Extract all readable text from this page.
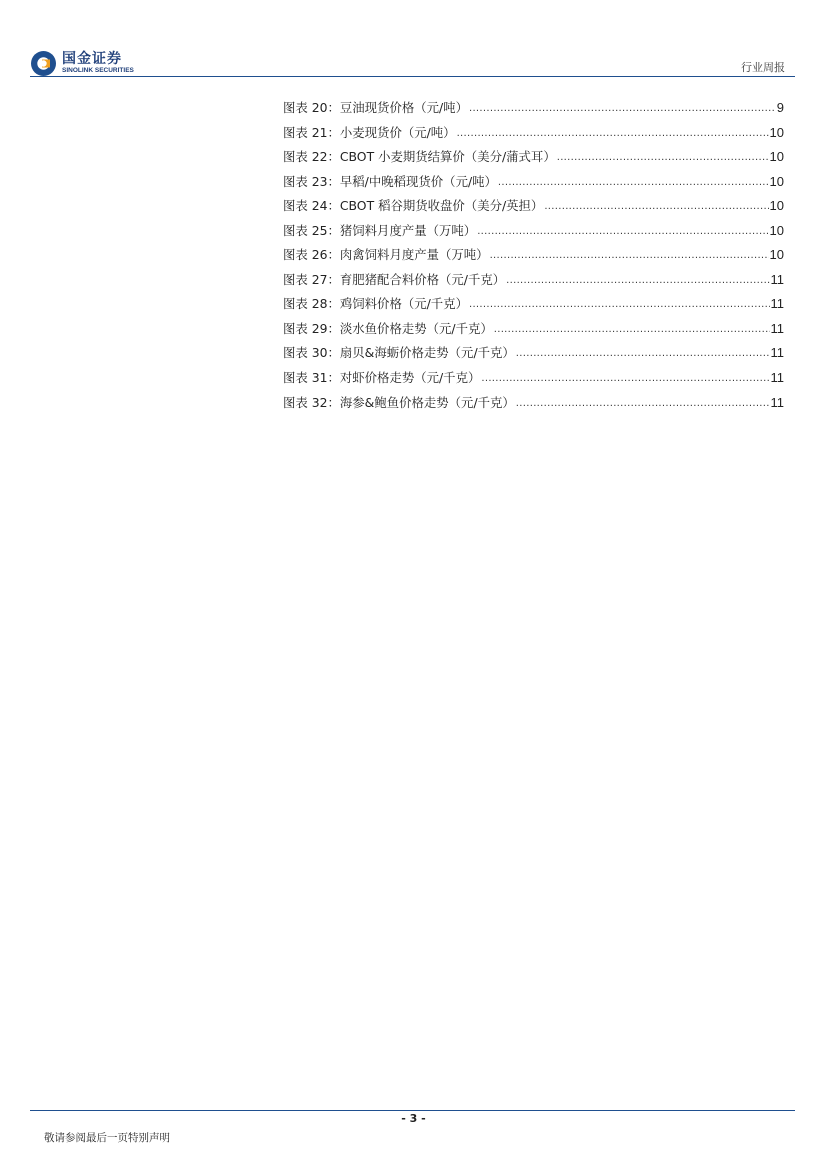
国金证券
SINOLINK SECURITIES	行业周报
图表 20：豆油现货价格（元/吨） .....	9
图表 21：小麦现货价（元/吨） .....	10
图表 22：CBOT 小麦期货结算价（美分/蒲式耳） .....	10
图表 23：早稻/中晚稻现货价（元/吨） .....	10
图表 24：CBOT 稻谷期货收盘价（美分/英担） .....	10
图表 25：猪饲料月度产量（万吨） .....	10
图表 26：肉禽饲料月度产量（万吨） .....	10
图表 27：育肥猪配合料价格（元/千克） .....	11
图表 28：鸡饲料价格（元/千克） .....	11
图表 29：淡水鱼价格走势（元/千克） .....	11
图表 30：扇贝&海蛎价格走势（元/千克） .....	11
图表 31：对虾价格走势（元/千克） .....	11
图表 32：海参&鲍鱼价格走势（元/千克） .....	11
- 3 -
敬请参阅最后一页特别声明
